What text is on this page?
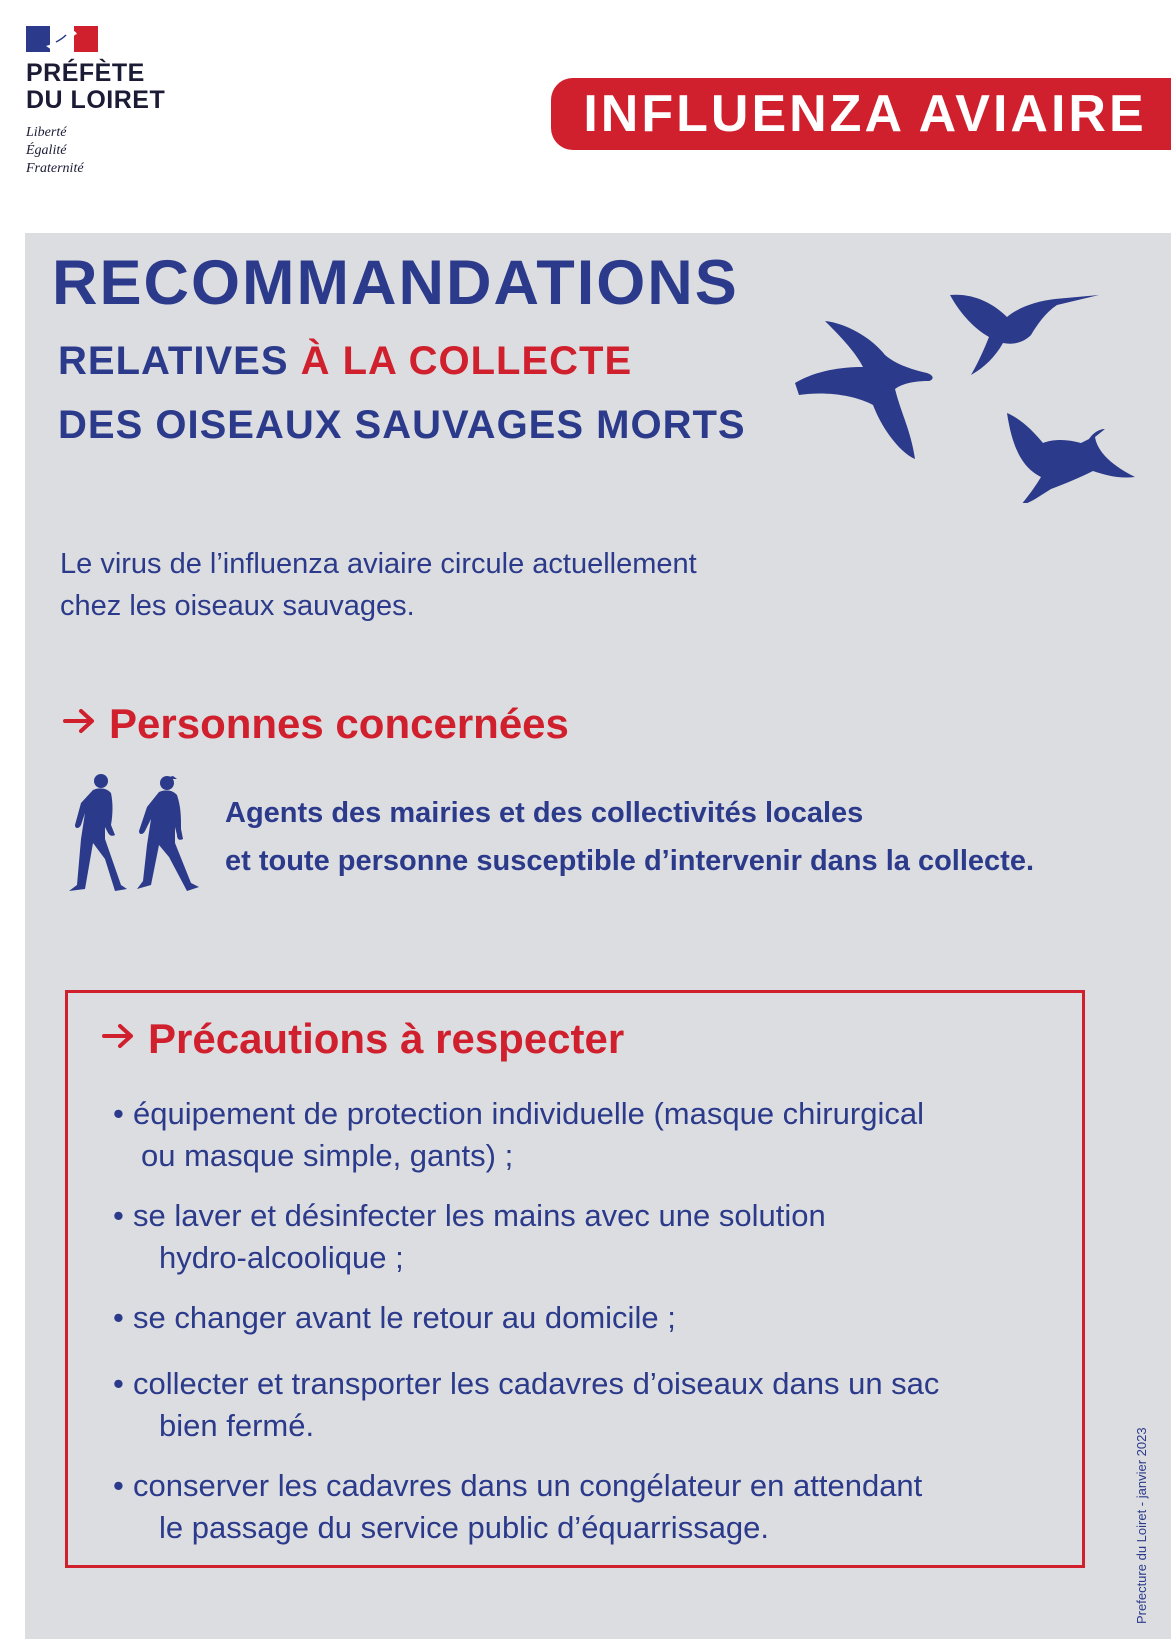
PRÉFÈTE
DU LOIRET
Liberté
Égalité
Fraternité
INFLUENZA AVIAIRE
RECOMMANDATIONS
RELATIVES À LA COLLECTE
DES OISEAUX SAUVAGES MORTS
Le virus de l’influenza aviaire circule actuellement
chez les oiseaux sauvages.
Personnes concernées
Agents des mairies et des collectivités locales
et toute personne susceptible d’intervenir dans la collecte.
Précautions à respecter
• équipement de protection individuelle (masque chirurgical
ou masque simple, gants) ;
• se laver et désinfecter les mains avec une solution
hydro-alcoolique ;
• se changer avant le retour au domicile ;
• collecter et transporter les cadavres d’oiseaux dans un sac
bien fermé.
• conserver les cadavres dans un congélateur en attendant
le passage du service public d’équarrissage.	Prefecture du Loiret - janvier 2023
